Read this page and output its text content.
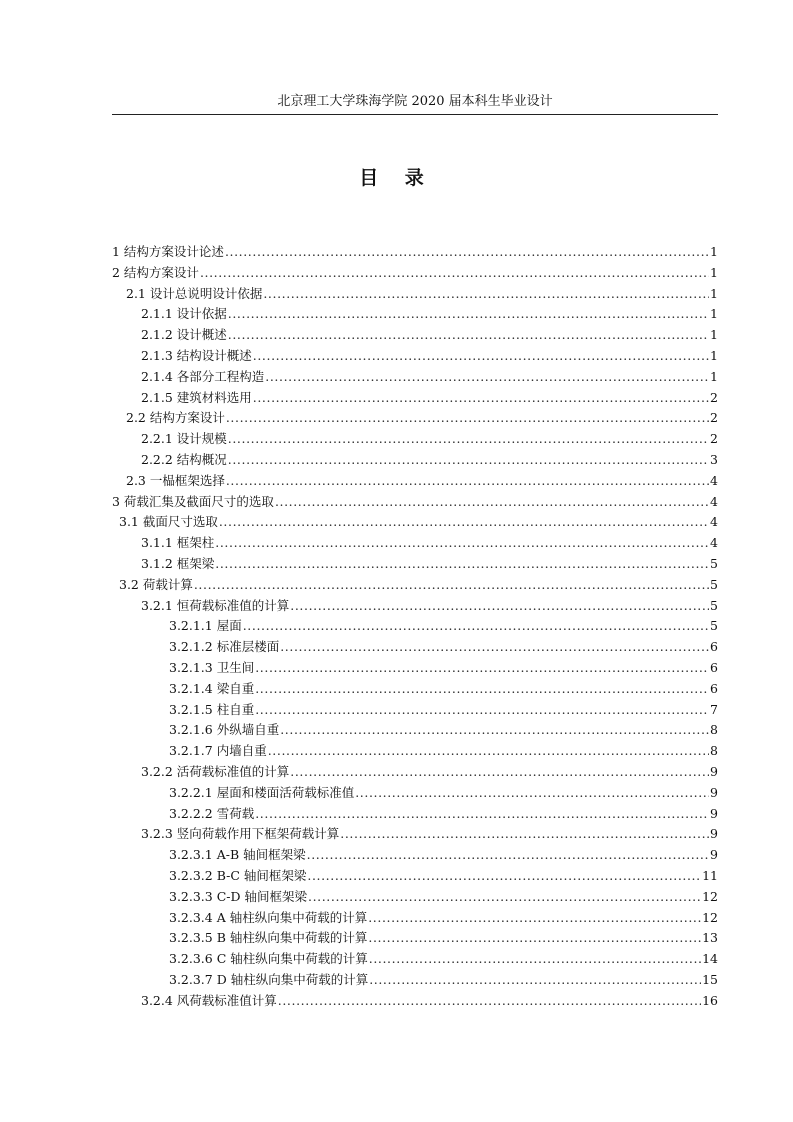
北京理工大学珠海学院 2020 届本科生毕业设计
目 录
1 结构方案设计论述 .....	1
2 结构方案设计 .....	1
2.1 设计总说明设计依据 .....	1
2.1.1 设计依据 .....	1
2.1.2 设计概述 .....	1
2.1.3 结构设计概述 .....	1
2.1.4 各部分工程构造 .....	1
2.1.5 建筑材料选用 .....	2
2.2 结构方案设计 .....	2
2.2.1 设计规模 .....	2
2.2.2 结构概况 .....	3
2.3 一榀框架选择 .....	4
3 荷载汇集及截面尺寸的选取 .....	4
3.1 截面尺寸选取 .....	4
3.1.1 框架柱 .....	4
3.1.2 框架梁 .....	5
3.2 荷载计算 .....	5
3.2.1 恒荷载标准值的计算 .....	5
3.2.1.1 屋面 .....	5
3.2.1.2 标准层楼面 .....	6
3.2.1.3 卫生间 .....	6
3.2.1.4 梁自重 .....	6
3.2.1.5 柱自重 .....	7
3.2.1.6 外纵墙自重 .....	8
3.2.1.7 内墙自重 .....	8
3.2.2 活荷载标准值的计算 .....	9
3.2.2.1 屋面和楼面活荷载标准值 .....	9
3.2.2.2 雪荷载 .....	9
3.2.3 竖向荷载作用下框架荷载计算 .....	9
3.2.3.1 A-B 轴间框架梁 .....	9
3.2.3.2 B-C 轴间框架梁 .....	11
3.2.3.3 C-D 轴间框架梁 .....	12
3.2.3.4 A 轴柱纵向集中荷载的计算 .....	12
3.2.3.5 B 轴柱纵向集中荷载的计算 .....	13
3.2.3.6 C 轴柱纵向集中荷载的计算 .....	14
3.2.3.7 D 轴柱纵向集中荷载的计算 .....	15
3.2.4 风荷载标准值计算 .....	16
